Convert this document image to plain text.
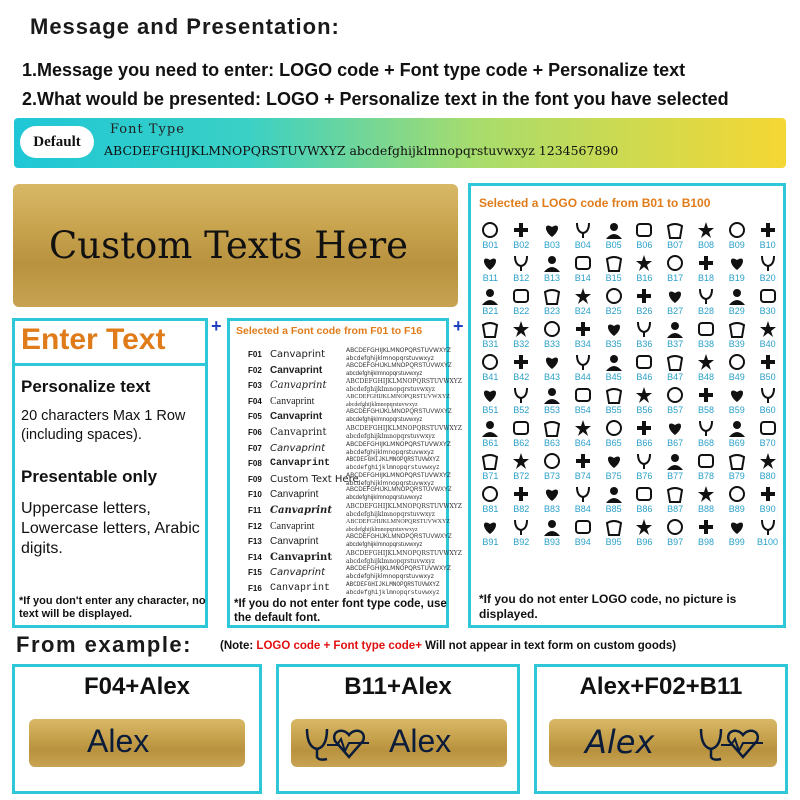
Message and Presentation:
1.Message you need to enter: LOGO code + Font type code + Personalize text
2.What would be presented: LOGO + Personalize text in the font you have selected
Default
Font Type
ABCDEFGHIJKLMNOPQRSTUVWXYZ abcdefghijklmnopqrstuvwxyz 1234567890
Custom Texts Here
Enter Text
Personalize text
20 characters Max 1 Row (including spaces).
Presentable only
Uppercase letters, Lowercase letters, Arabic digits.
*If you don't enter any character, no text will be displayed.
+	+
Selected a Font code from F01 to F16
F01 Canvaprint	ABCDEFGHIJKLMNOPQRSTUVWXYZ
abcdefghijklmnopqrstuvwxyz
F02 Canvaprint	ABCDEFGHIJKLMNOPQRSTUVWXYZ
abcdefghijklmnopqrstuvwxyz
F03 Canvaprint	ABCDEFGHIJKLMNOPQRSTUVWXYZ
abcdefghijklmnopqrstuvwxyz
F04 Canvaprint	ABCDEFGHIJKLMNOPQRSTUVWXYZ
abcdefghijklmnopqrstuvwxyz
F05 Canvaprint	ABCDEFGHIJKLMNOPQRSTUVWXYZ
abcdefghijklmnopqrstuvwxyz
F06 Canvaprint	ABCDEFGHIJKLMNOPQRSTUVWXYZ
abcdefghijklmnopqrstuvwxyz
F07 Canvaprint	ABCDEFGHIJKLMNOPQRSTUVWXYZ
abcdefghijklmnopqrstuvwxyz
F08 Canvaprint	ABCDEFGHIJKLMNOPQRSTUVWXYZ
abcdefghijklmnopqrstuvwxyz
F09 Custom Text Here
ABCDEFGHIJKLMNOPQRSTUVWXYZ
abcdefghijklmnopqrstuvwxyz
F10 Canvaprint	ABCDEFGHIJKLMNOPQRSTUVWXYZ
abcdefghijklmnopqrstuvwxyz
F11 Canvaprint ABCDEFGHIJKLMNOPQRSTUVWXYZ
abcdefghijklmnopqrstuvwxyz
F12 Canvaprint	ABCDEFGHIJKLMNOPQRSTUVWXYZ
abcdefghijklmnopqrstuvwxyz
F13 Canvaprint	ABCDEFGHIJKLMNOPQRSTUVWXYZ
abcdefghijklmnopqrstuvwxyz
F14 Canvaprint ABCDEFGHIJKLMNOPQRSTUVWXYZ
abcdefghijklmnopqrstuvwxyz
F15 Canvaprint	ABCDEFGHIJKLMNOPQRSTUVWXYZ
abcdefghijklmnopqrstuvwxyz
F16 Canvaprint	ABCDEFGHIJKLMNOPQRSTUVWXYZ
abcdefghijklmnopqrstuvwxyz
*If you do not enter font type code, use the default font.
Selected a LOGO code from B01 to B100
B01	B02	B03	B04	B05	B06	B07	B08	B09	B10
B11	B12	B13	B14	B15	B16	B17	B18	B19	B20
B21	B22	B23	B24	B25	B26	B27	B28	B29	B30
B31	B32	B33	B34	B35	B36	B37	B38	B39	B40
B41	B42	B43	B44	B45	B46	B47	B48	B49	B50
B51	B52	B53	B54	B55	B56	B57	B58	B59	B60
B61	B62	B63	B64	B65	B66	B67	B68	B69	B70
B71	B72	B73	B74	B75	B76	B77	B78	B79	B80
B81	B82	B83	B84	B85	B86	B87	B88	B89	B90
B91	B92	B93	B94	B95	B96	B97	B98	B99	B100
*If you do not enter LOGO code, no picture is displayed.
From example: (Note: LOGO code + Font type code+ Will not appear in text form on custom goods)
F04+Alex
Alex
B11+Alex
Alex
Alex+F02+B11
Alex
